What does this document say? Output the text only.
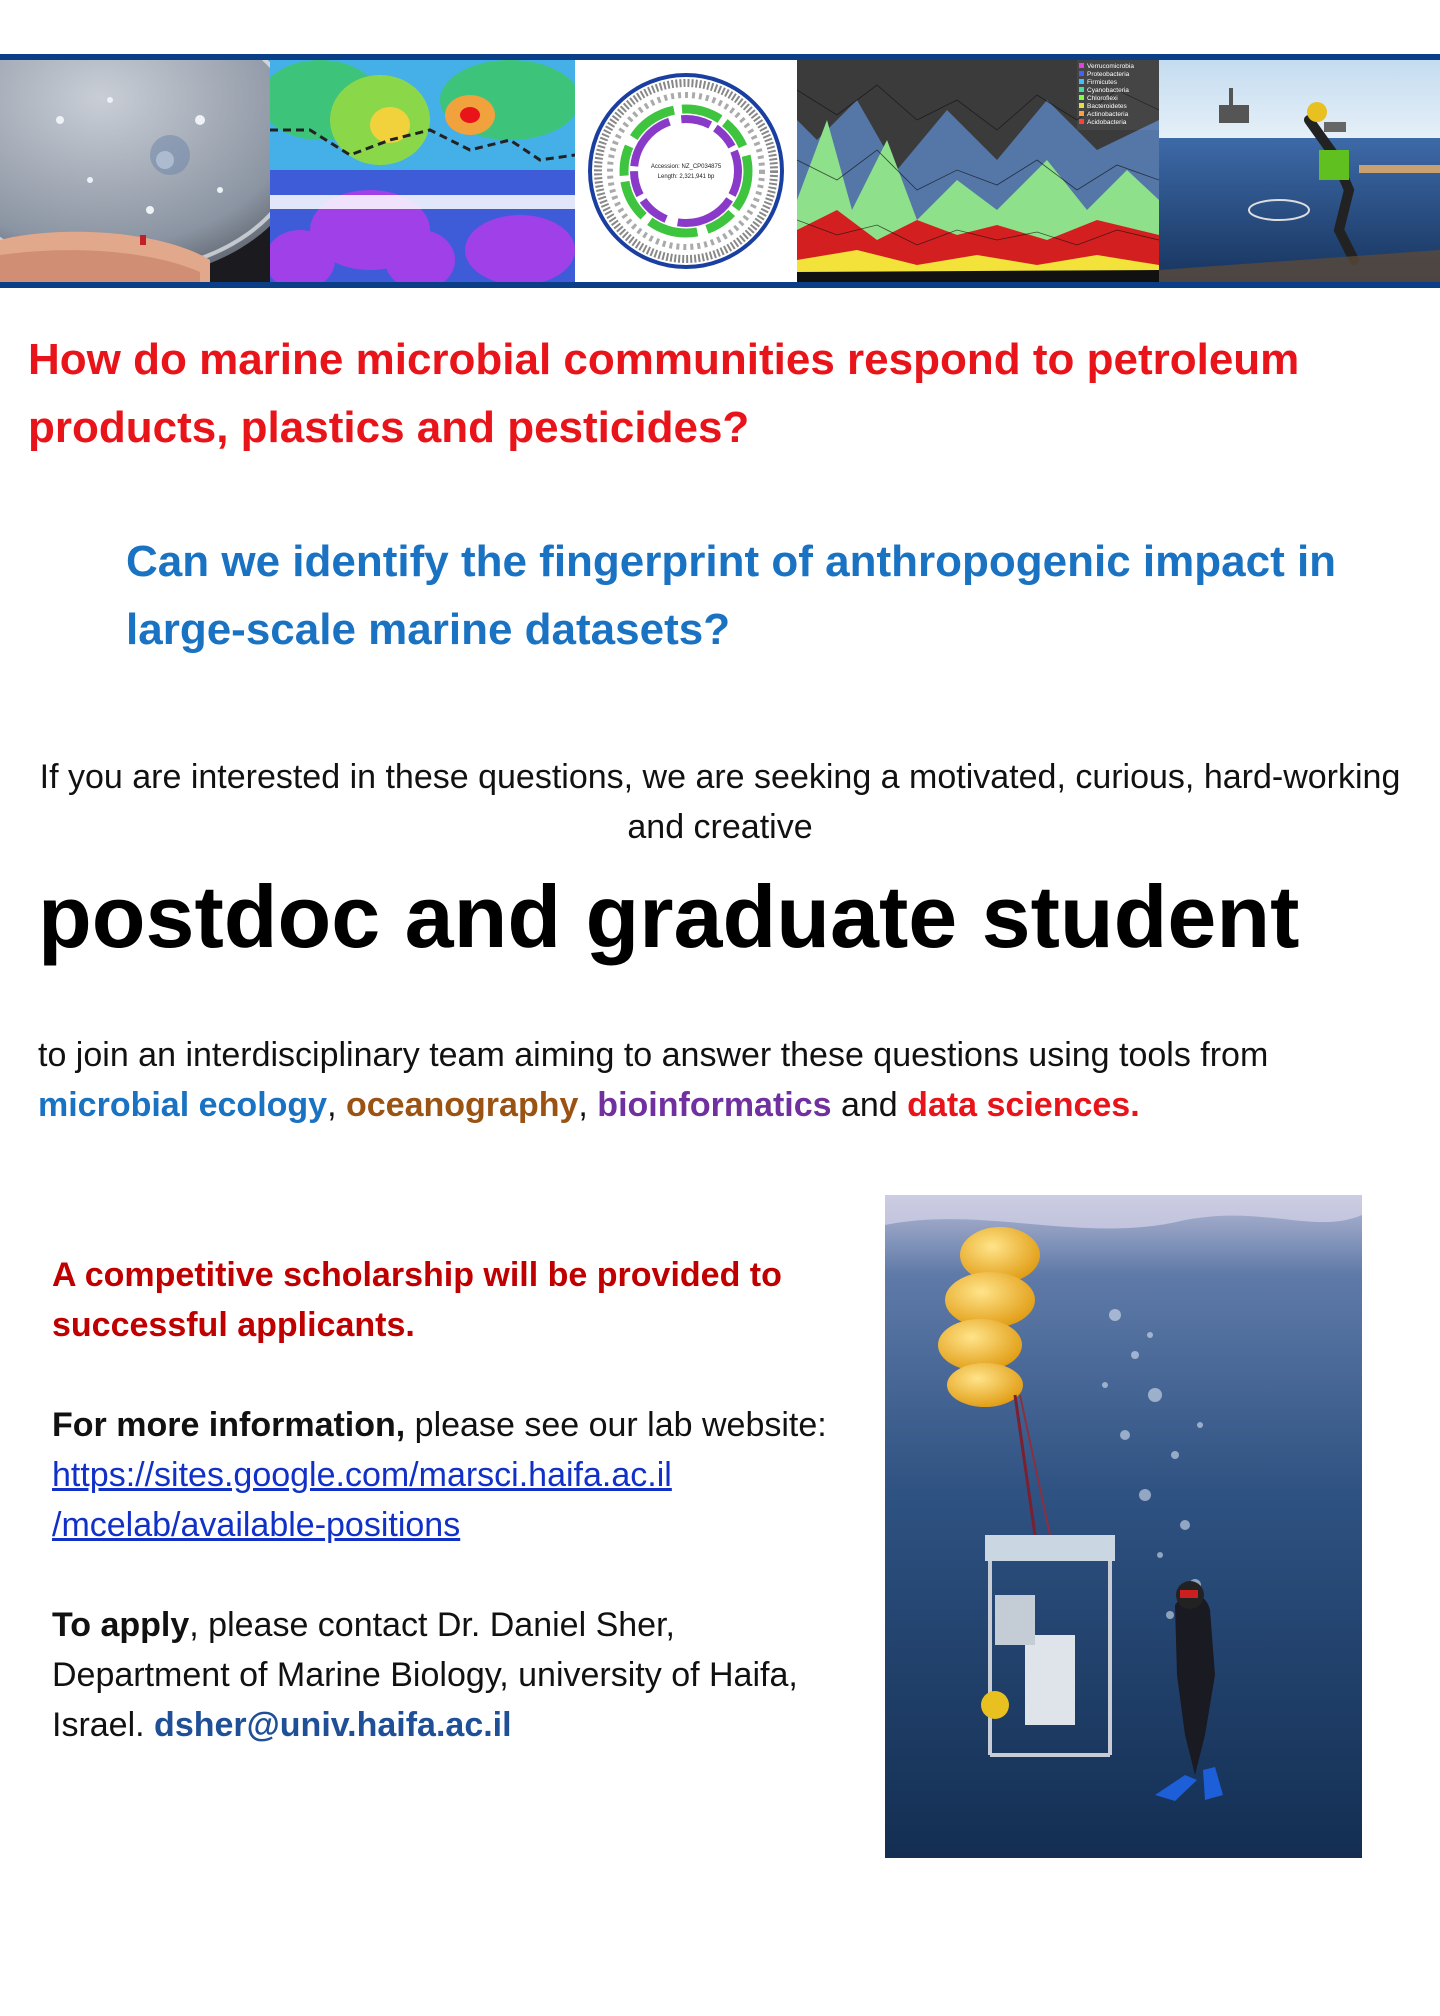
Accession: NZ_CP034875
Length: 2,321,941 bp
Verrucomicrobia
Proteobacteria
Firmicutes
Cyanobacteria
Chloroflexi
Bacteroidetes
Actinobacteria
Acidobacteria

How do marine microbial communities respond to petroleum products, plastics and pesticides?

Can we identify the fingerprint of anthropogenic impact in large-scale marine datasets?

If you are interested in these questions, we are seeking a motivated, curious, hard-working and creative
postdoc and graduate student
to join an interdisciplinary team aiming to answer these questions using tools from microbial ecology, oceanography, bioinformatics and data sciences.

A competitive scholarship will be provided to successful applicants.

For more information, please see our lab website:
https://sites.google.com/marsci.haifa.ac.il
/mcelab/available-positions

To apply, please contact Dr. Daniel Sher, Department of Marine Biology, university of Haifa, Israel. dsher@univ.haifa.ac.il
